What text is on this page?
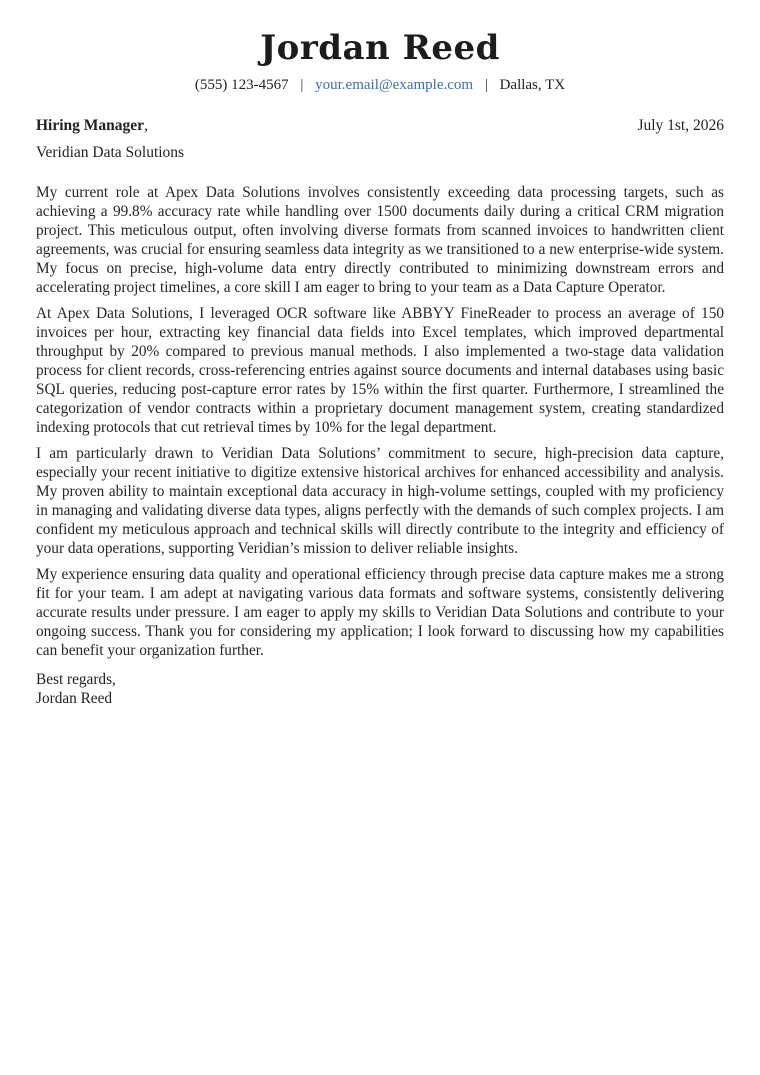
Jordan Reed
(555) 123-4567 | your.email@example.com | Dallas, TX
Hiring Manager,	July 1st, 2026
Veridian Data Solutions

My current role at Apex Data Solutions involves consistently exceeding data processing targets, such as achieving a 99.8% accuracy rate while handling over 1500 documents daily during a critical CRM migration project. This meticulous output, often involving diverse formats from scanned invoices to handwritten client agreements, was crucial for ensuring seamless data integrity as we transitioned to a new enterprise-wide system. My focus on precise, high-volume data entry directly contributed to minimizing downstream errors and accelerating project timelines, a core skill I am eager to bring to your team as a Data Capture Operator.

At Apex Data Solutions, I leveraged OCR software like ABBYY FineReader to process an average of 150 invoices per hour, extracting key financial data fields into Excel templates, which improved departmental throughput by 20% compared to previous manual methods. I also implemented a two-stage data validation process for client records, cross-referencing entries against source documents and internal databases using basic SQL queries, reducing post-capture error rates by 15% within the first quarter. Furthermore, I streamlined the categorization of vendor contracts within a proprietary document management system, creating standardized indexing protocols that cut retrieval times by 10% for the legal department.

I am particularly drawn to Veridian Data Solutions’ commitment to secure, high-precision data capture, especially your recent initiative to digitize extensive historical archives for enhanced accessibility and analysis. My proven ability to maintain exceptional data accuracy in high-volume settings, coupled with my proficiency in managing and validating diverse data types, aligns perfectly with the demands of such complex projects. I am confident my meticulous approach and technical skills will directly contribute to the integrity and efficiency of your data operations, supporting Veridian’s mission to deliver reliable insights.

My experience ensuring data quality and operational efficiency through precise data capture makes me a strong fit for your team. I am adept at navigating various data formats and software systems, consistently delivering accurate results under pressure. I am eager to apply my skills to Veridian Data Solutions and contribute to your ongoing success. Thank you for considering my application; I look forward to discussing how my capabilities can benefit your organization further.

Best regards,
Jordan Reed
